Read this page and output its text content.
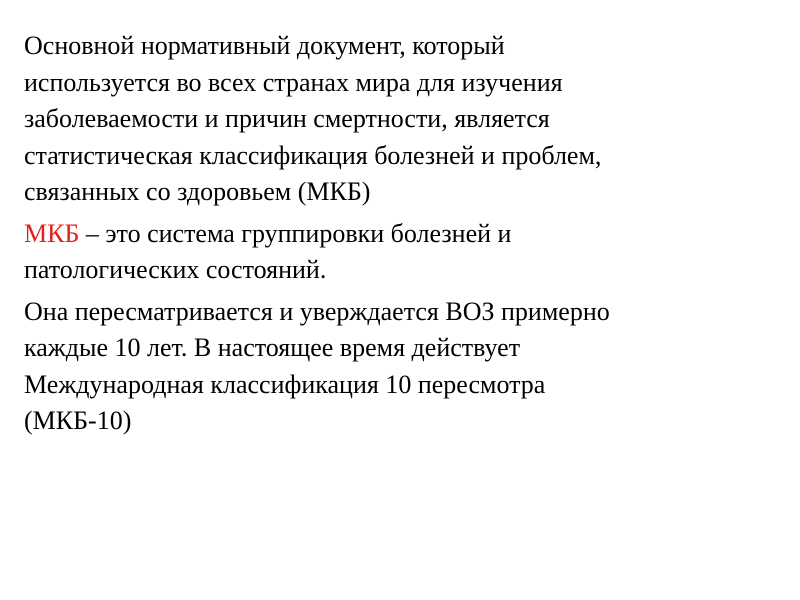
Основной нормативный документ, который
используется во всех странах мира для изучения
заболеваемости и причин смертности, является
статистическая классификация болезней и проблем,
связанных со здоровьем (МКБ)

МКБ – это система группировки болезней и
патологических состояний.

Она пересматривается и уверждается ВОЗ примерно
каждые 10 лет. В настоящее время действует
Международная классификация 10 пересмотра
(МКБ-10)
